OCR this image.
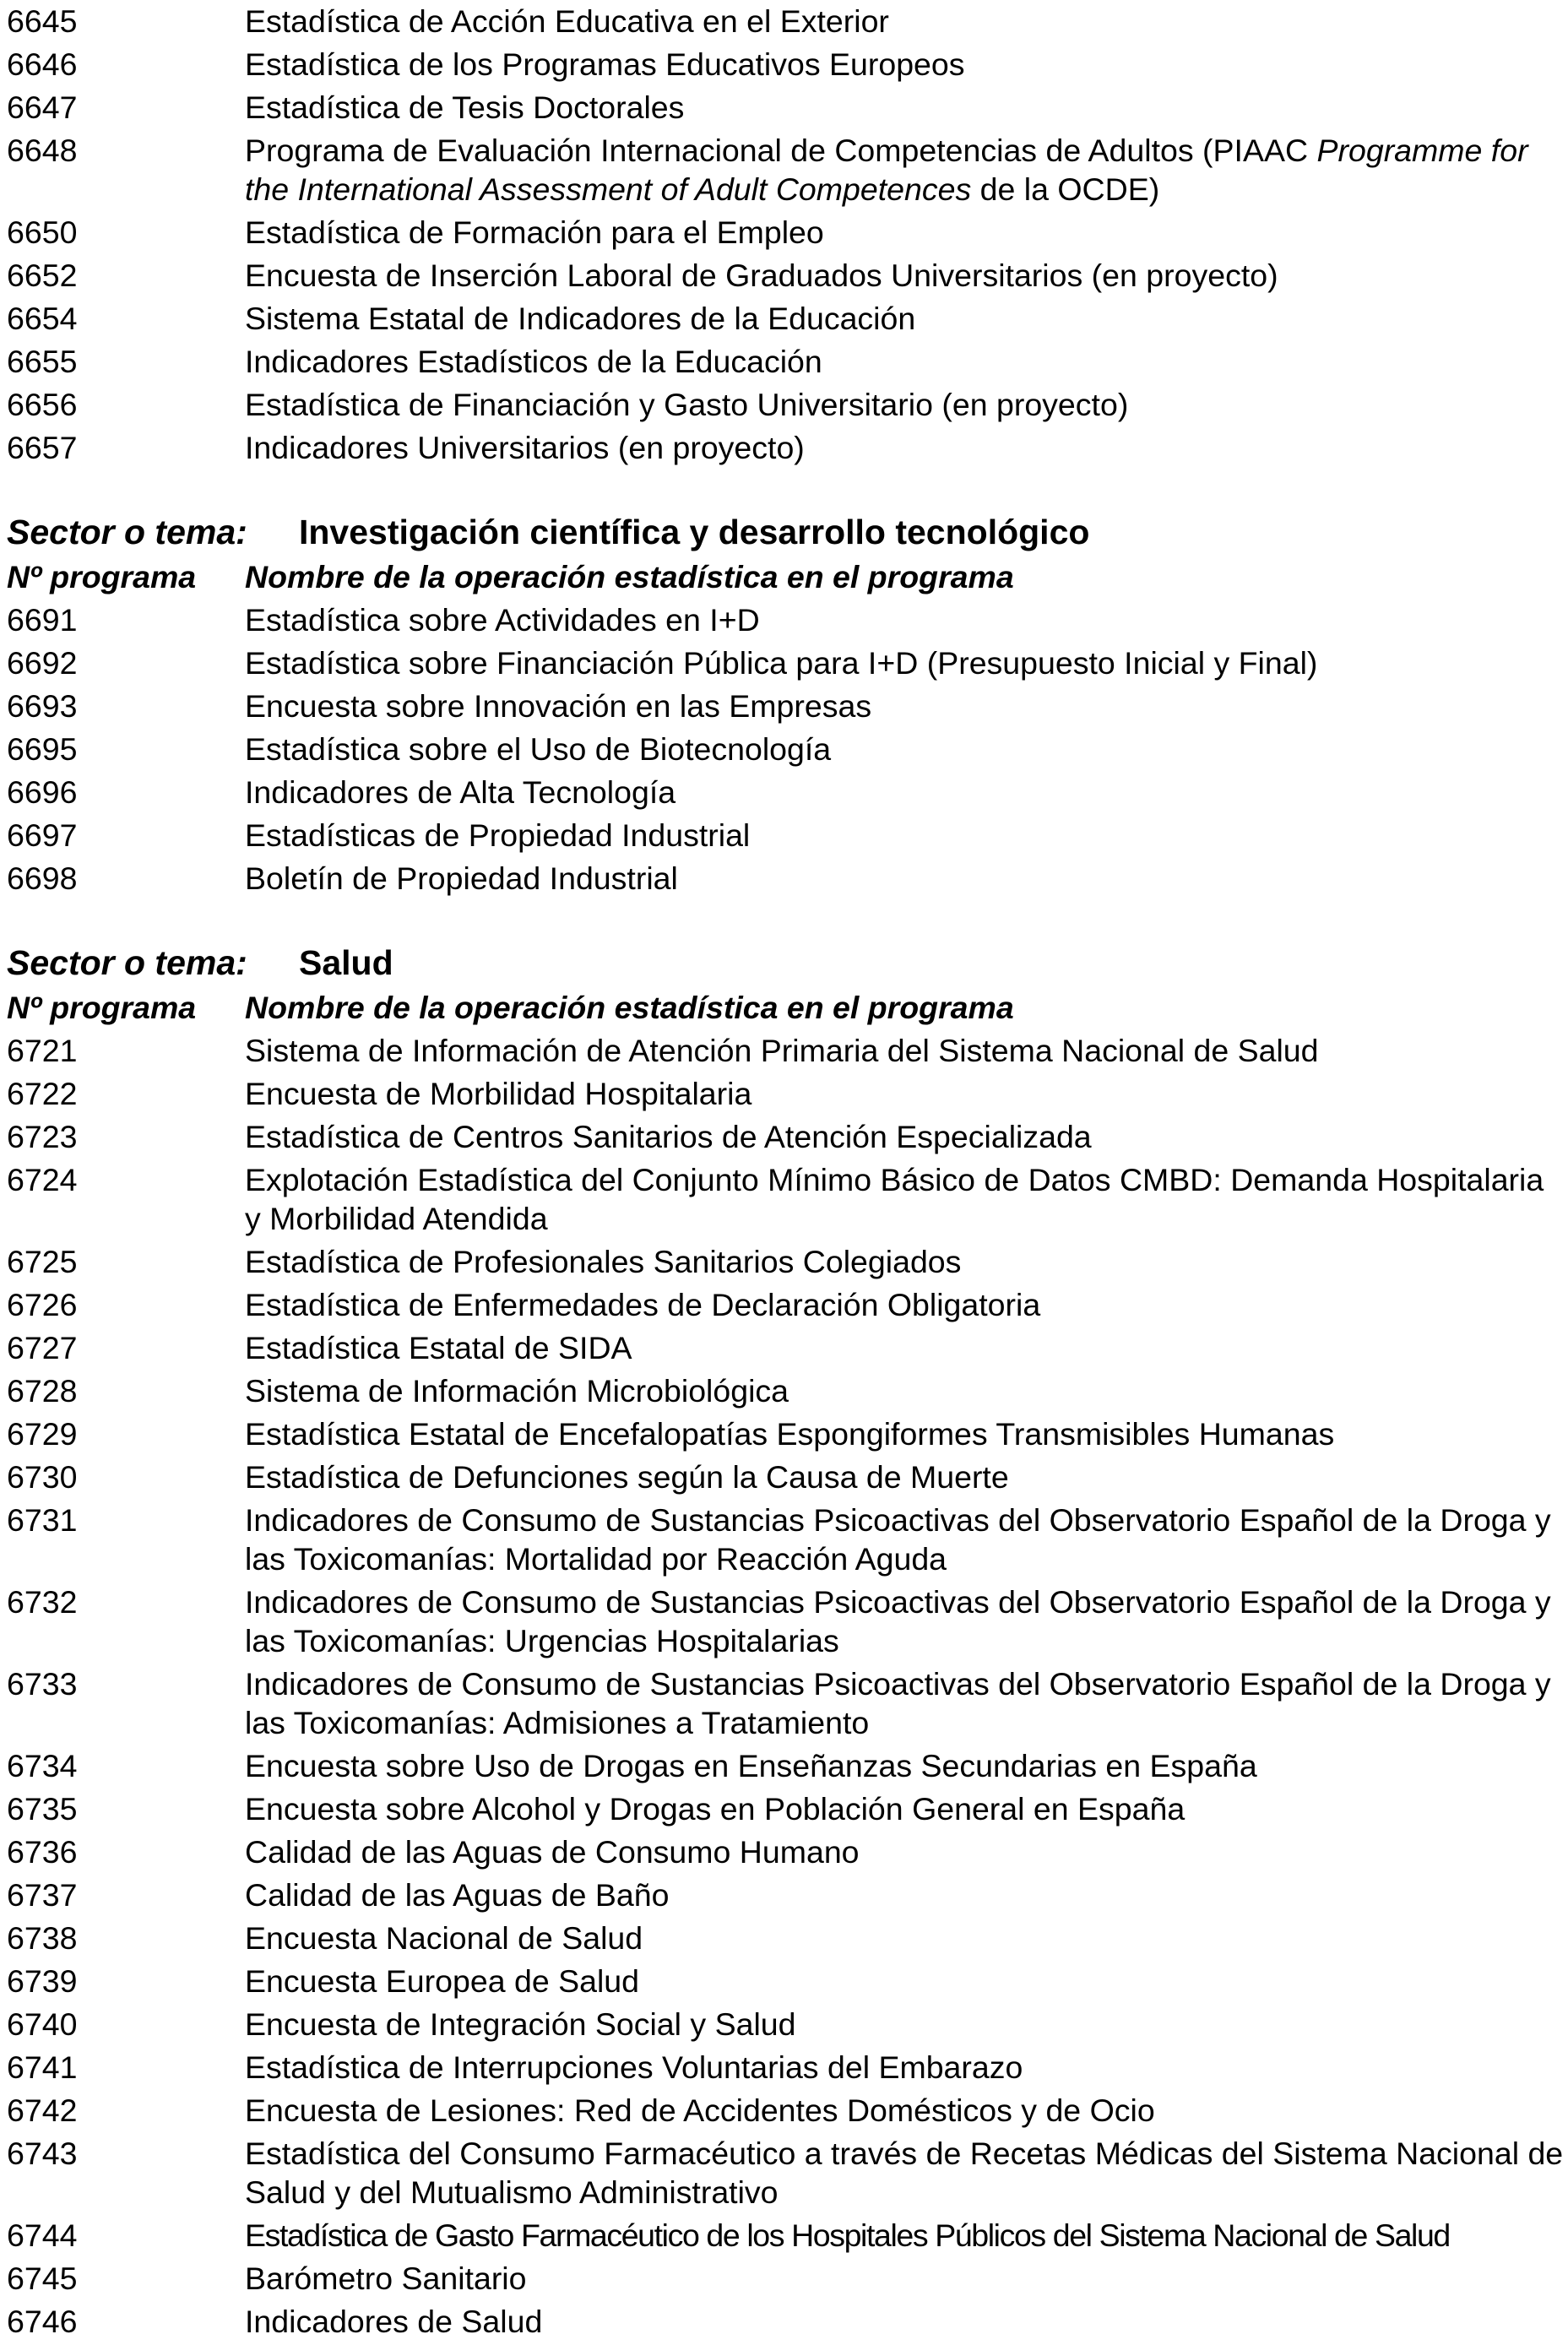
6645	Estadística de Acción Educativa en el Exterior
6646	Estadística de los Programas Educativos Europeos
6647	Estadística de Tesis Doctorales
6648	Programa de Evaluación Internacional de Competencias de Adultos (PIAAC Programme for the International Assessment of Adult Competences de la OCDE)
6650	Estadística de Formación para el Empleo
6652	Encuesta de Inserción Laboral de Graduados Universitarios (en proyecto)
6654	Sistema Estatal de Indicadores de la Educación
6655	Indicadores Estadísticos de la Educación
6656	Estadística de Financiación y Gasto Universitario (en proyecto)
6657	Indicadores Universitarios (en proyecto)
Sector o tema:	Investigación científica y desarrollo tecnológico
Nº programa	Nombre de la operación estadística en el programa
6691	Estadística sobre Actividades en I+D
6692	Estadística sobre Financiación Pública para I+D (Presupuesto Inicial y Final)
6693	Encuesta sobre Innovación en las Empresas
6695	Estadística sobre el Uso de Biotecnología
6696	Indicadores de Alta Tecnología
6697	Estadísticas de Propiedad Industrial
6698	Boletín de Propiedad Industrial
Sector o tema:	Salud
Nº programa	Nombre de la operación estadística en el programa
6721	Sistema de Información de Atención Primaria del Sistema Nacional de Salud
6722	Encuesta de Morbilidad Hospitalaria
6723	Estadística de Centros Sanitarios de Atención Especializada
6724	Explotación Estadística del Conjunto Mínimo Básico de Datos CMBD: Demanda Hospitalaria y Morbilidad Atendida
6725	Estadística de Profesionales Sanitarios Colegiados
6726	Estadística de Enfermedades de Declaración Obligatoria
6727	Estadística Estatal de SIDA
6728	Sistema de Información Microbiológica
6729	Estadística Estatal de Encefalopatías Espongiformes Transmisibles Humanas
6730	Estadística de Defunciones según la Causa de Muerte
6731	Indicadores de Consumo de Sustancias Psicoactivas del Observatorio Español de la Droga y las Toxicomanías: Mortalidad por Reacción Aguda
6732	Indicadores de Consumo de Sustancias Psicoactivas del Observatorio Español de la Droga y las Toxicomanías: Urgencias Hospitalarias
6733	Indicadores de Consumo de Sustancias Psicoactivas del Observatorio Español de la Droga y las Toxicomanías: Admisiones a Tratamiento
6734	Encuesta sobre Uso de Drogas en Enseñanzas Secundarias en España
6735	Encuesta sobre Alcohol y Drogas en Población General en España
6736	Calidad de las Aguas de Consumo Humano
6737	Calidad de las Aguas de Baño
6738	Encuesta Nacional de Salud
6739	Encuesta Europea de Salud
6740	Encuesta de Integración Social y Salud
6741	Estadística de Interrupciones Voluntarias del Embarazo
6742	Encuesta de Lesiones: Red de Accidentes Domésticos y de Ocio
6743	Estadística del Consumo Farmacéutico a través de Recetas Médicas del Sistema Nacional de Salud y del Mutualismo Administrativo
6744	Estadística de Gasto Farmacéutico de los Hospitales Públicos del Sistema Nacional de Salud
6745	Barómetro Sanitario
6746	Indicadores de Salud
